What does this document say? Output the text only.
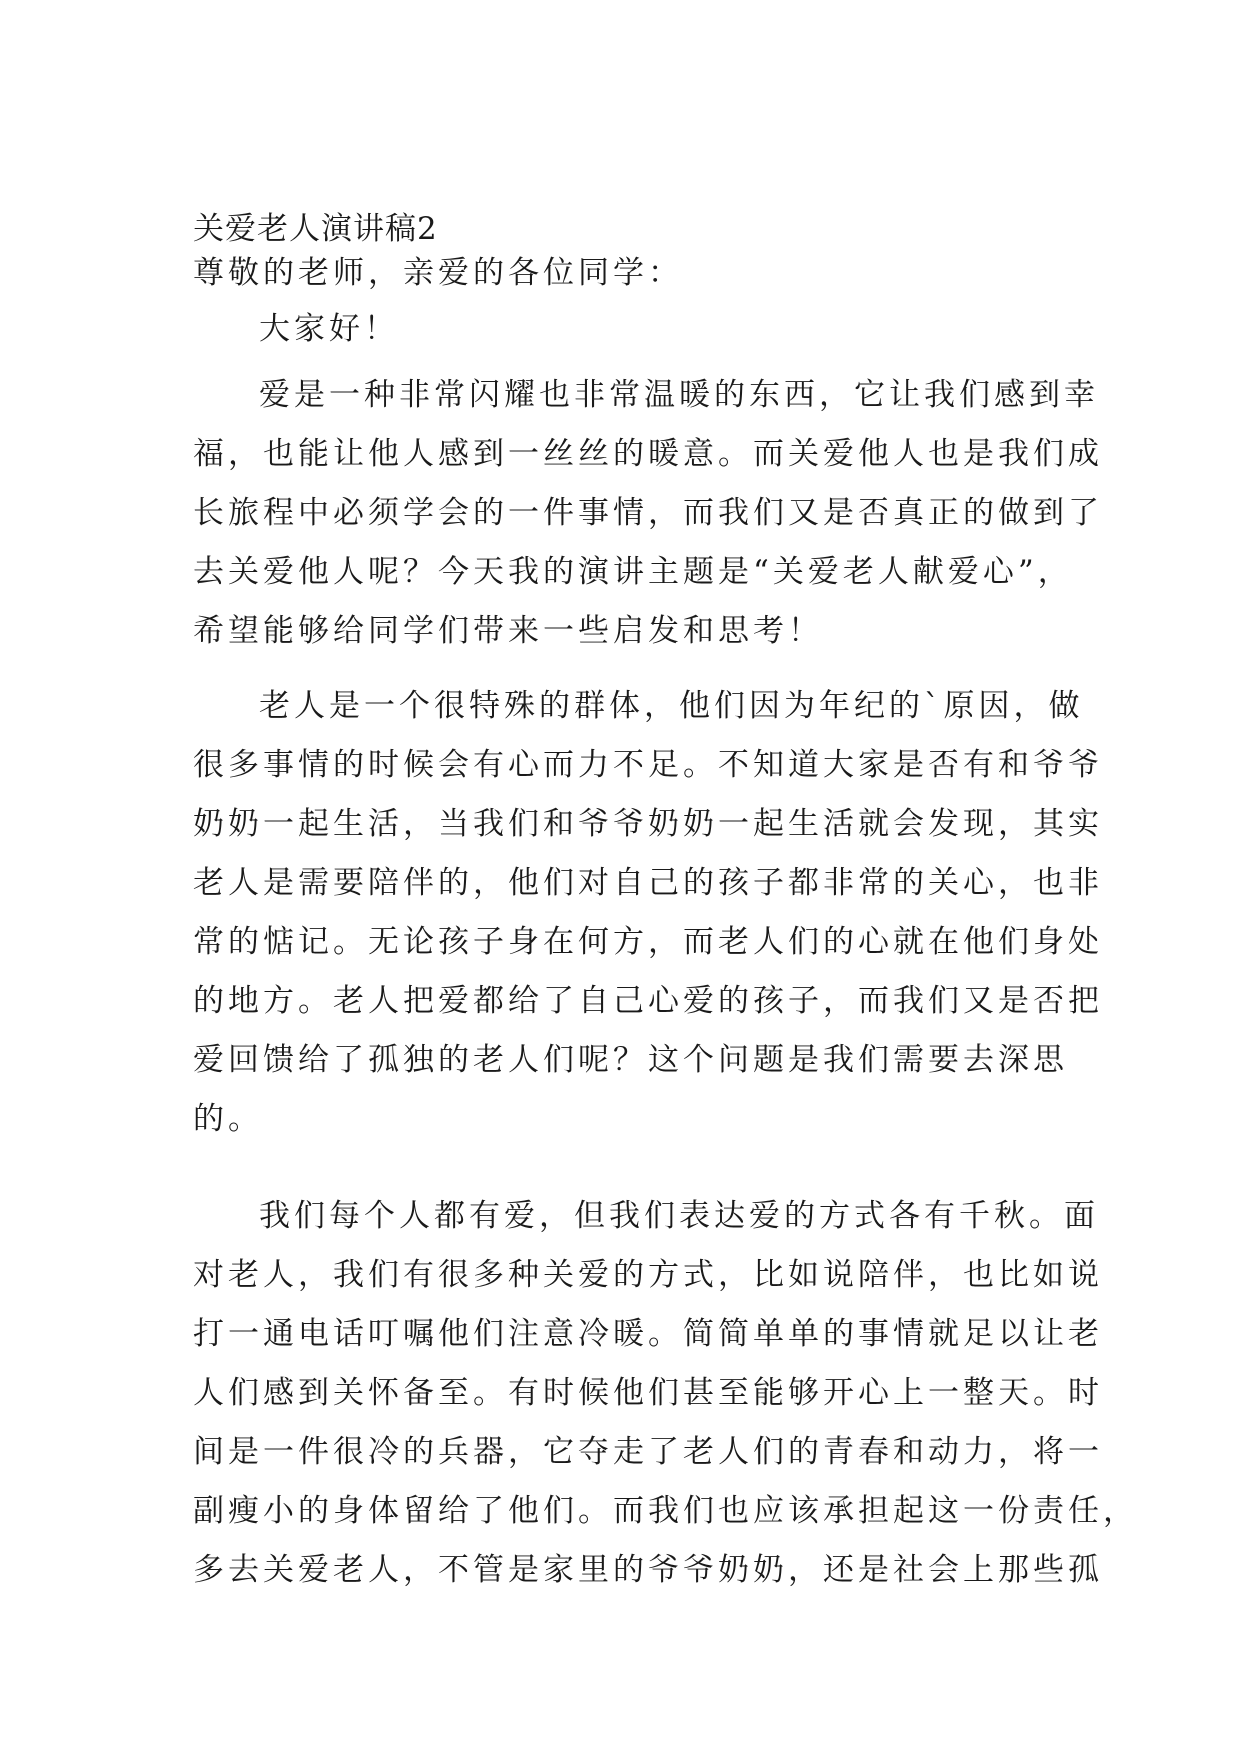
关爱老人演讲稿2
尊敬的老师，亲爱的各位同学：
大家好！
爱是一种非常闪耀也非常温暖的东西，它让我们感到幸
福，也能让他人感到一丝丝的暖意。而关爱他人也是我们成
长旅程中必须学会的一件事情，而我们又是否真正的做到了
去关爱他人呢？今天我的演讲主题是“关爱老人献爱心”，
希望能够给同学们带来一些启发和思考！
老人是一个很特殊的群体，他们因为年纪的`原因，做
很多事情的时候会有心而力不足。不知道大家是否有和爷爷
奶奶一起生活，当我们和爷爷奶奶一起生活就会发现，其实
老人是需要陪伴的，他们对自己的孩子都非常的关心，也非
常的惦记。无论孩子身在何方，而老人们的心就在他们身处
的地方。老人把爱都给了自己心爱的孩子，而我们又是否把
爱回馈给了孤独的老人们呢？这个问题是我们需要去深思
的。
我们每个人都有爱，但我们表达爱的方式各有千秋。面
对老人，我们有很多种关爱的方式，比如说陪伴，也比如说
打一通电话叮嘱他们注意冷暖。简简单单的事情就足以让老
人们感到关怀备至。有时候他们甚至能够开心上一整天。时
间是一件很冷的兵器，它夺走了老人们的青春和动力，将一
副瘦小的身体留给了他们。而我们也应该承担起这一份责任，
多去关爱老人，不管是家里的爷爷奶奶，还是社会上那些孤
